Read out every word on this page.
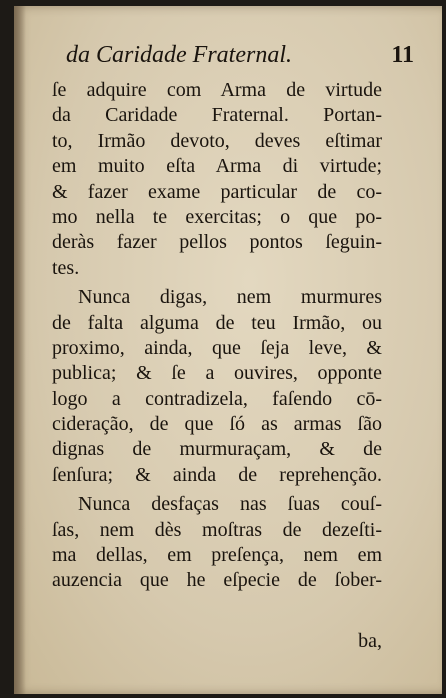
da Caridade Fraternal.	11
ſe adquire com Arma de virtude
da Caridade Fraternal. Portan-
to, Irmão devoto, deves eſtimar
em muito eſta Arma di virtude;
& fazer exame particular de co-
mo nella te exercitas; o que po-
deràs fazer pellos pontos ſeguin-
tes.
Nunca digas, nem murmures
de falta alguma de teu Irmão, ou
proximo, ainda, que ſeja leve, &
publica; & ſe a ouvires, opponte
logo a contradizela, faſendo cō-
cideração, de que ſó as armas ſão
dignas de murmuraçam, & de
ſenſura; & ainda de reprehenção.
Nunca desfaças nas ſuas couſ-
ſas, nem dès moſtras de dezeſti-
ma dellas, em preſença, nem em
auzencia que he eſpecie de ſober-
ba,
